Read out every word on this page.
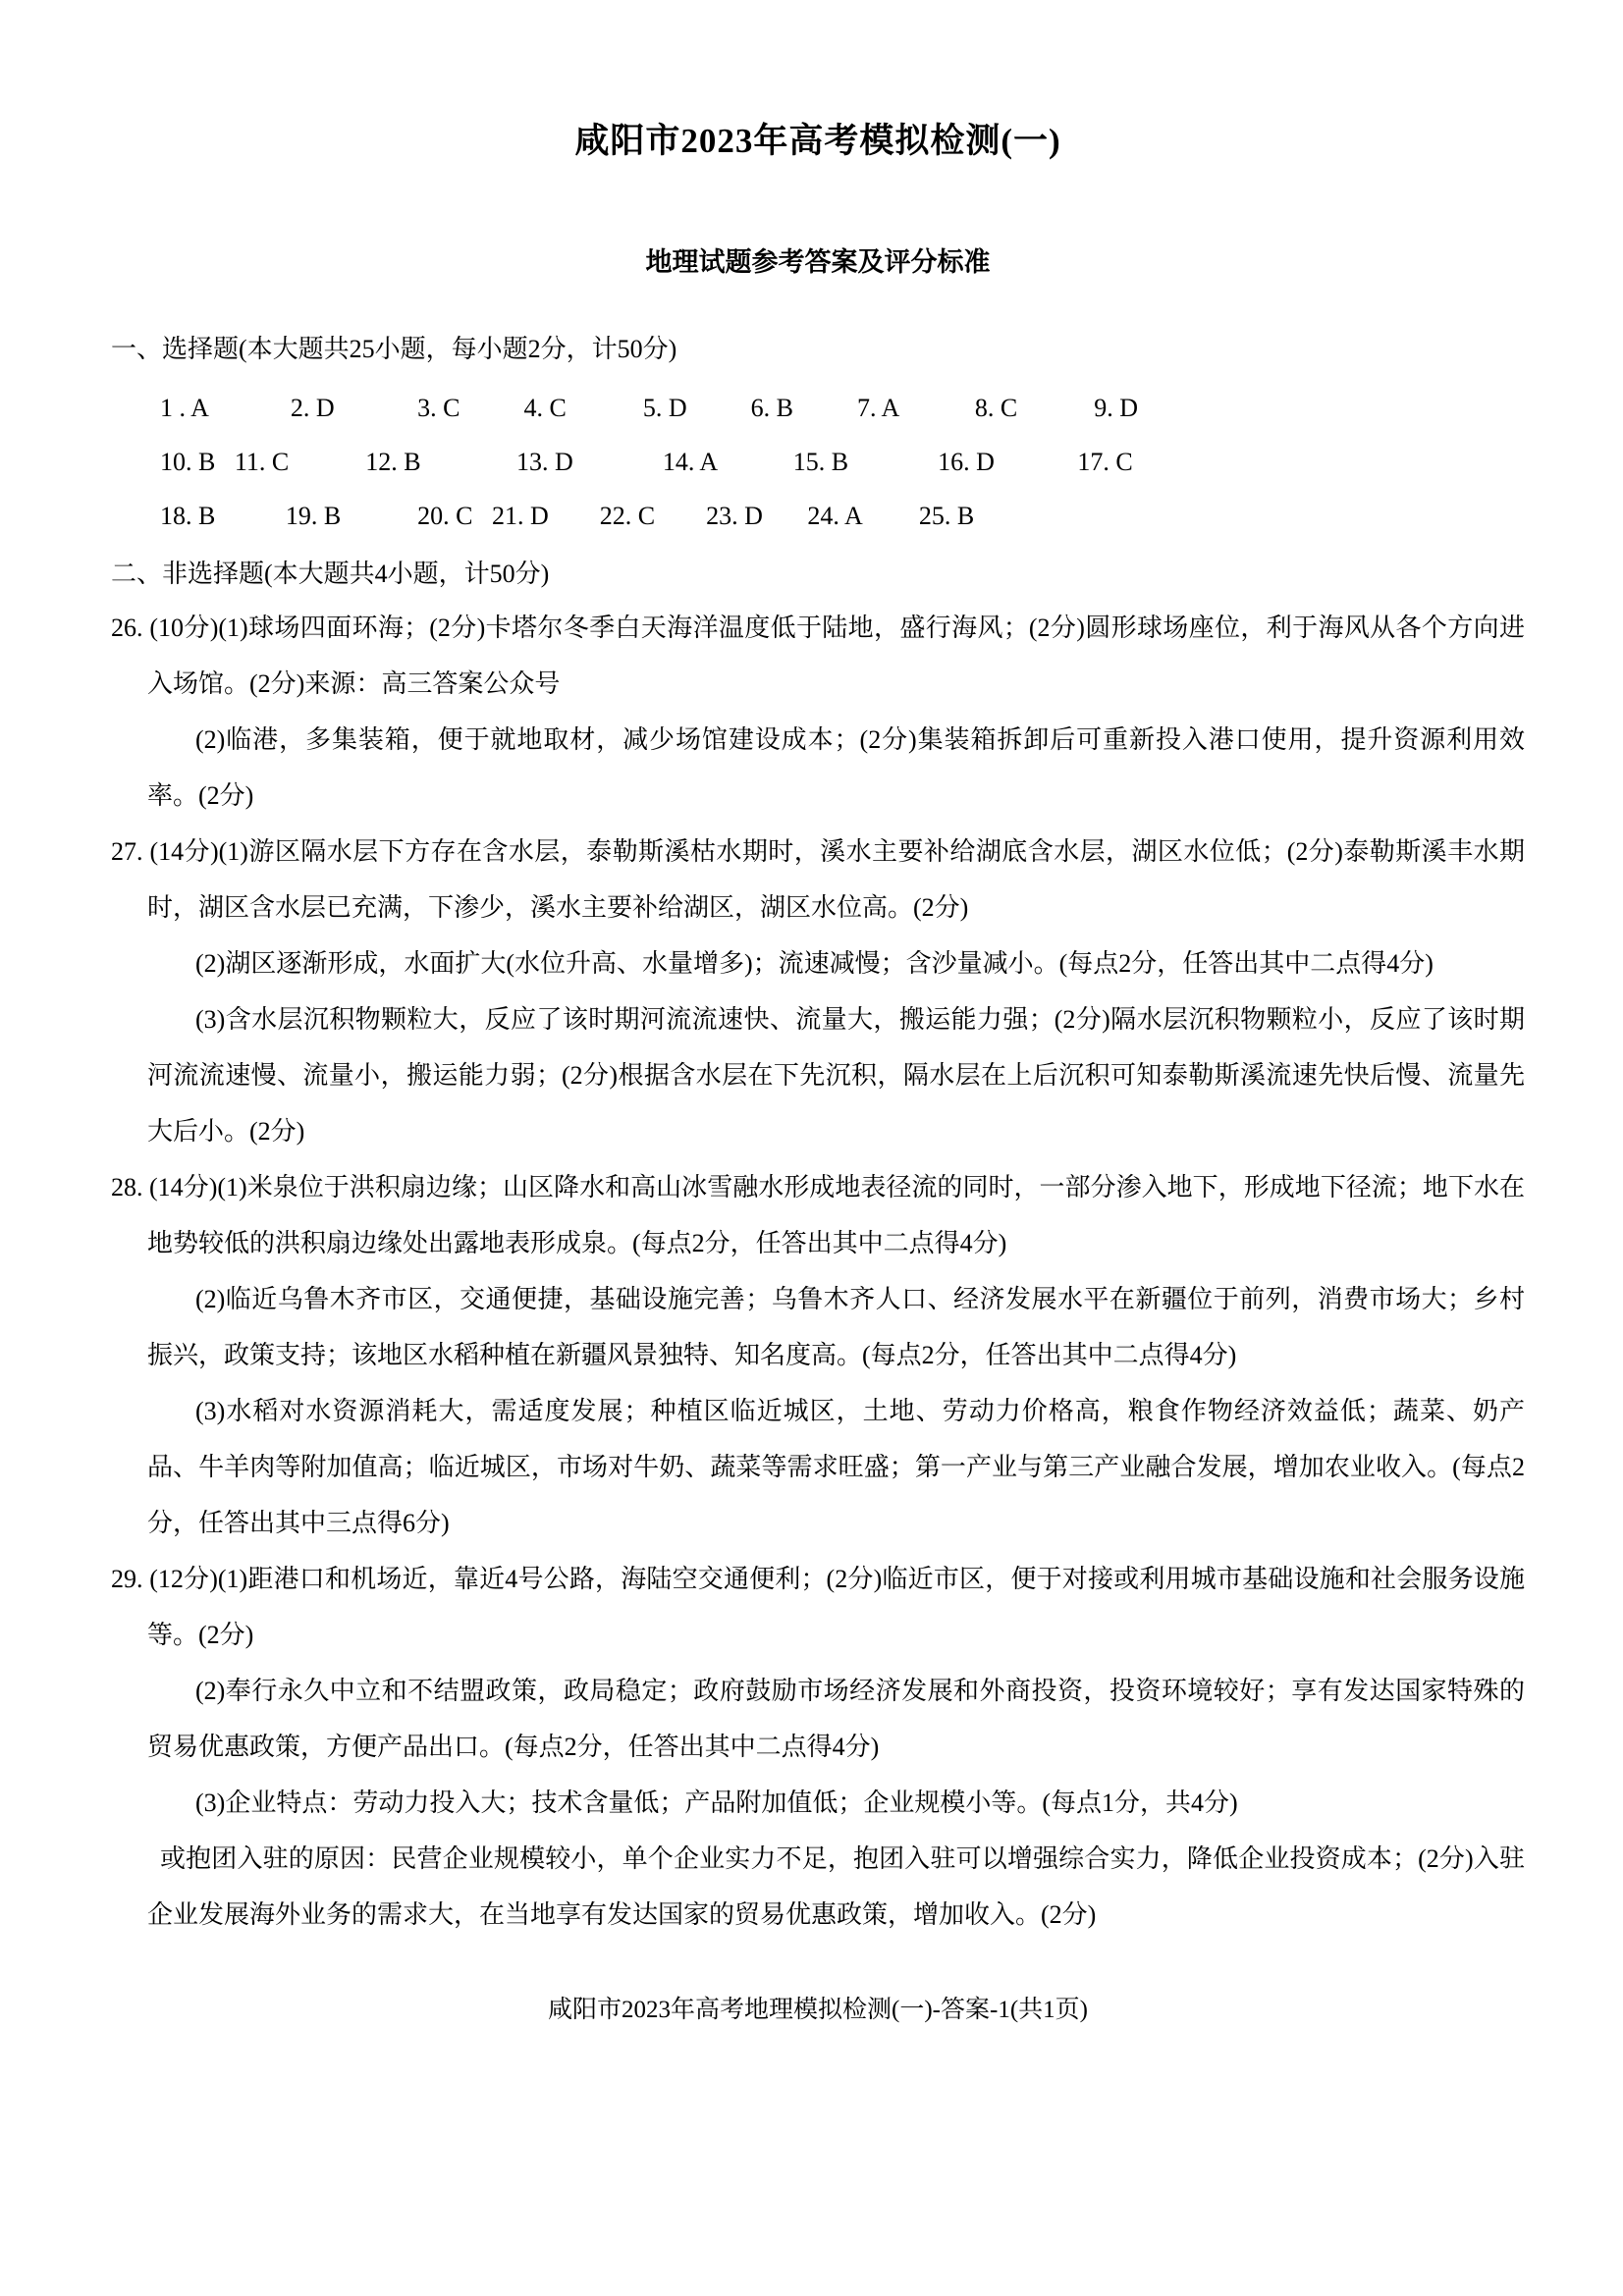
咸阳市2023年高考模拟检测(一)
地理试题参考答案及评分标准

一、选择题(本大题共25小题，每小题2分，计50分)

1 . A             2. D             3. C          4. C            5. D          6. B          7. A            8. C            9. D
10. B   11. C            12. B               13. D              14. A            15. B              16. D             17. C
18. B           19. B            20. C   21. D        22. C        23. D       24. A         25. B

二、非选择题(本大题共4小题，计50分)

26. (10分)(1)球场四面环海；(2分)卡塔尔冬季白天海洋温度低于陆地，盛行海风；(2分)圆形球场座位，利于海风从各个方向进入场馆。(2分)来源：高三答案公众号
(2)临港，多集装箱，便于就地取材，减少场馆建设成本；(2分)集装箱拆卸后可重新投入港口使用，提升资源利用效率。(2分)
27. (14分)(1)游区隔水层下方存在含水层，泰勒斯溪枯水期时，溪水主要补给湖底含水层，湖区水位低；(2分)泰勒斯溪丰水期时，湖区含水层已充满，下渗少，溪水主要补给湖区，湖区水位高。(2分)
(2)湖区逐渐形成，水面扩大(水位升高、水量增多)；流速减慢；含沙量减小。(每点2分，任答出其中二点得4分)
(3)含水层沉积物颗粒大，反应了该时期河流流速快、流量大，搬运能力强；(2分)隔水层沉积物颗粒小，反应了该时期河流流速慢、流量小，搬运能力弱；(2分)根据含水层在下先沉积，隔水层在上后沉积可知泰勒斯溪流速先快后慢、流量先大后小。(2分)
28. (14分)(1)米泉位于洪积扇边缘；山区降水和高山冰雪融水形成地表径流的同时，一部分渗入地下，形成地下径流；地下水在地势较低的洪积扇边缘处出露地表形成泉。(每点2分，任答出其中二点得4分)
(2)临近乌鲁木齐市区，交通便捷，基础设施完善；乌鲁木齐人口、经济发展水平在新疆位于前列，消费市场大；乡村振兴，政策支持；该地区水稻种植在新疆风景独特、知名度高。(每点2分，任答出其中二点得4分)
(3)水稻对水资源消耗大，需适度发展；种植区临近城区，土地、劳动力价格高，粮食作物经济效益低；蔬菜、奶产品、牛羊肉等附加值高；临近城区，市场对牛奶、蔬菜等需求旺盛；第一产业与第三产业融合发展，增加农业收入。(每点2分，任答出其中三点得6分)
29. (12分)(1)距港口和机场近，靠近4号公路，海陆空交通便利；(2分)临近市区，便于对接或利用城市基础设施和社会服务设施等。(2分)
(2)奉行永久中立和不结盟政策，政局稳定；政府鼓励市场经济发展和外商投资，投资环境较好；享有发达国家特殊的贸易优惠政策，方便产品出口。(每点2分，任答出其中二点得4分)
(3)企业特点：劳动力投入大；技术含量低；产品附加值低；企业规模小等。(每点1分，共4分)
或抱团入驻的原因：民营企业规模较小，单个企业实力不足，抱团入驻可以增强综合实力，降低企业投资成本；(2分)入驻企业发展海外业务的需求大，在当地享有发达国家的贸易优惠政策，增加收入。(2分)
咸阳市2023年高考地理模拟检测(一)-答案-1(共1页)
